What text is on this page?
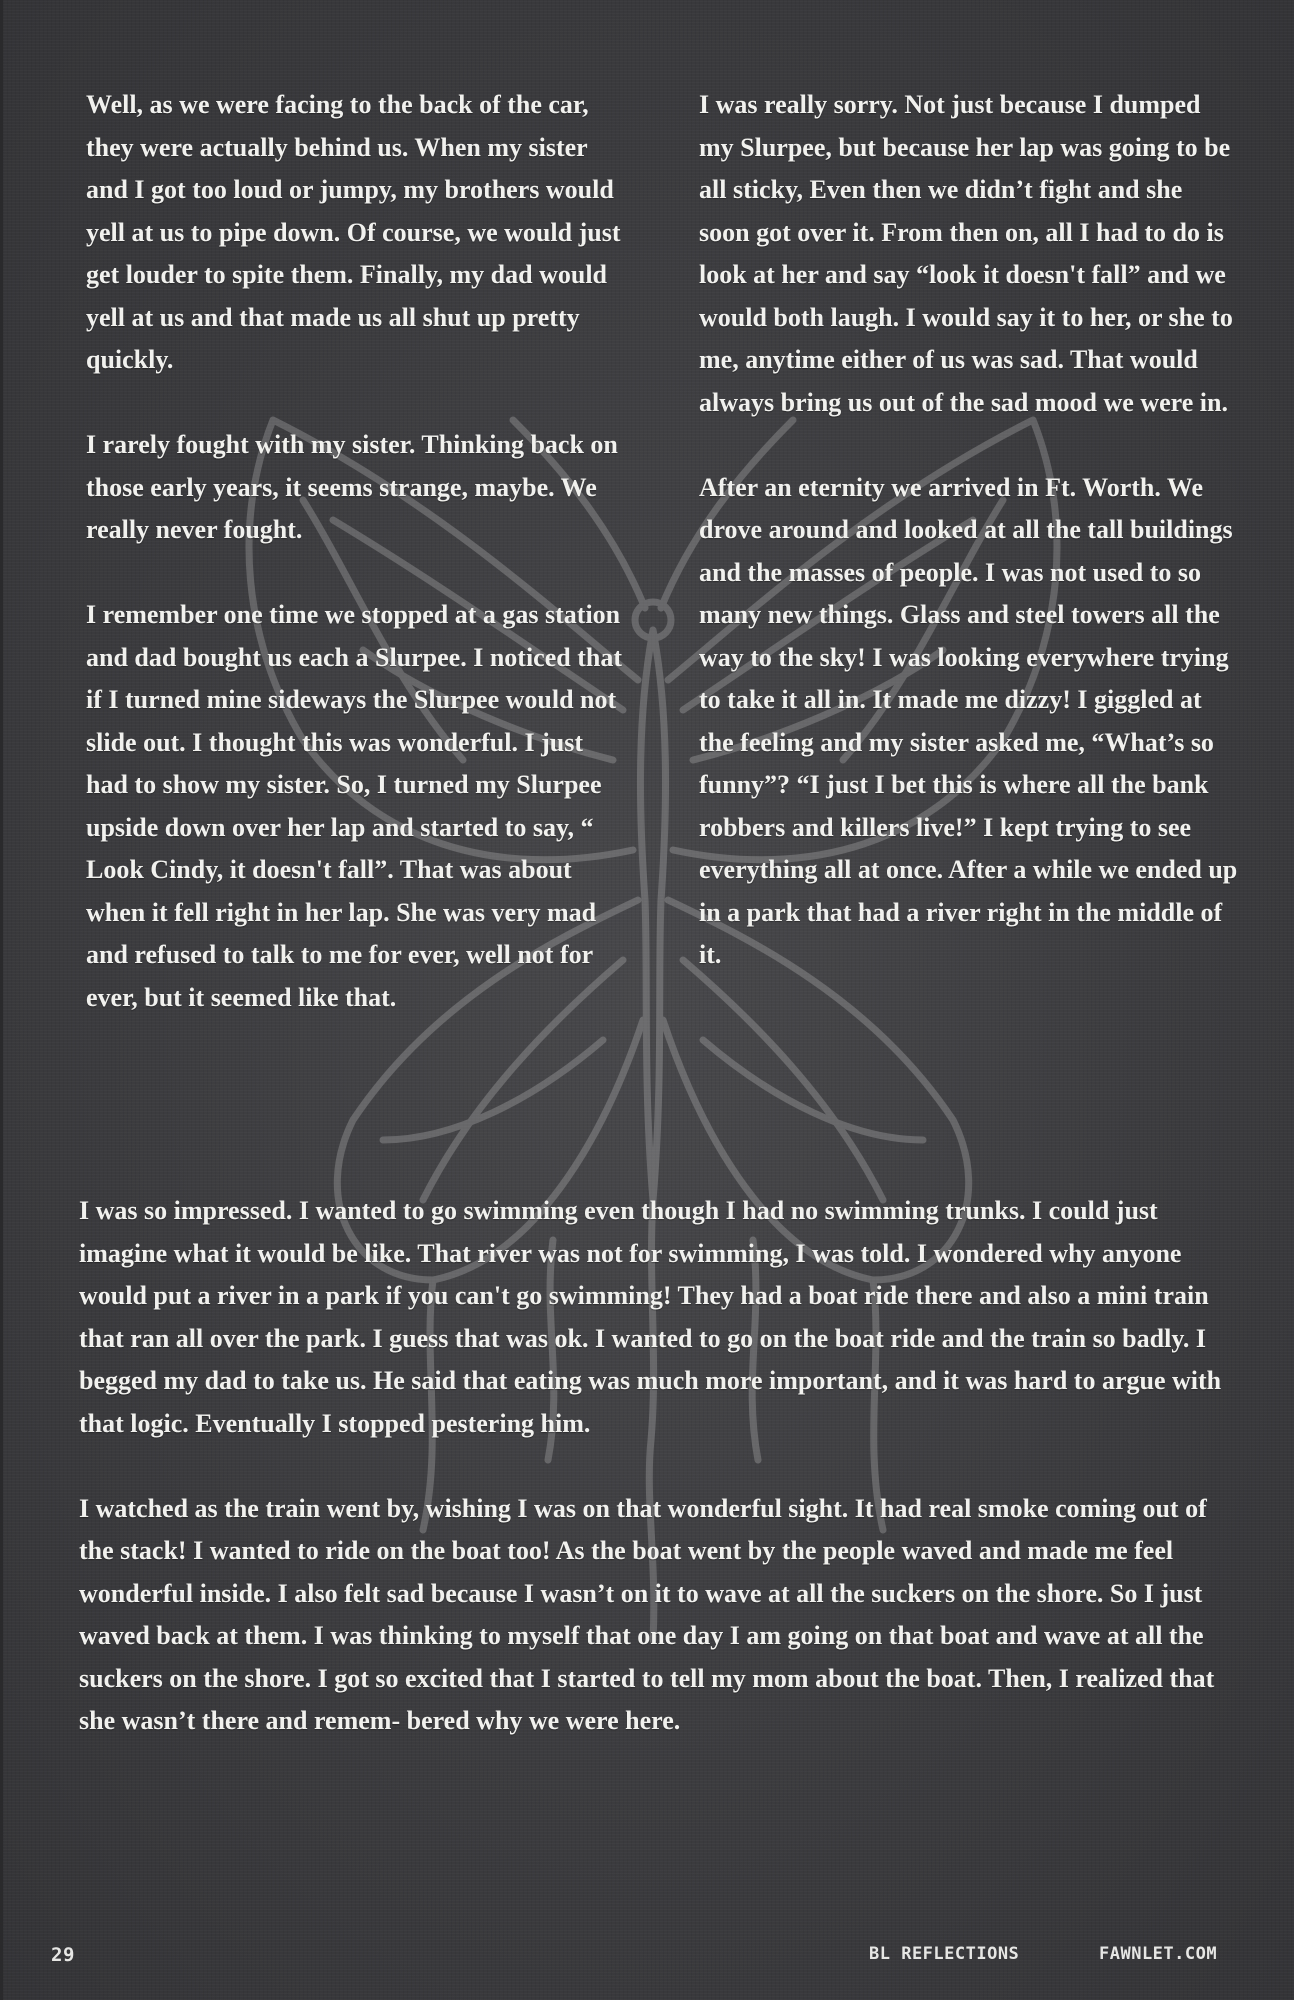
Well, as we were facing to the back of the car, they were actually behind us. When my sister and I got too loud or jumpy, my brothers would yell at us to pipe down. Of course, we would just get louder to spite them. Finally, my dad would yell at us and that made us all shut up pretty quickly.

I rarely fought with my sister. Thinking back on those early years, it seems strange, maybe. We really never fought.

I remember one time we stopped at a gas station and dad bought us each a Slurpee. I noticed that if I turned mine sideways the Slurpee would not slide out. I thought this was wonderful. I just had to show my sister. So, I turned my Slurpee upside down over her lap and started to say, “ Look Cindy, it doesn't fall”. That was about when it fell right in her lap. She was very mad and refused to talk to me for ever, well not for ever, but it seemed like that.

I was really sorry. Not just because I dumped my Slurpee, but because her lap was going to be all sticky, Even then we didn’t fight and she soon got over it. From then on, all I had to do is look at her and say “look it doesn't fall” and we would both laugh. I would say it to her, or she to me, anytime either of us was sad. That would always bring us out of the sad mood we were in.

After an eternity we arrived in Ft. Worth. We drove around and looked at all the tall buildings and the masses of people. I was not used to so many new things. Glass and steel towers all the way to the sky! I was looking everywhere trying to take it all in. It made me dizzy! I giggled at the feeling and my sister asked me, “What’s so funny”? “I just I bet this is where all the bank robbers and killers live!” I kept trying to see everything all at once. After a while we ended up in a park that had a river right in the middle of it.

I was so impressed. I wanted to go swimming even though I had no swimming trunks. I could just imagine what it would be like. That river was not for swimming, I was told. I wondered why anyone would put a river in a park if you can't go swimming! They had a boat ride there and also a mini train that ran all over the park. I guess that was ok. I wanted to go on the boat ride and the train so badly. I begged my dad to take us. He said that eating was much more important, and it was hard to argue with that logic. Eventually I stopped pestering him.

I watched as the train went by, wishing I was on that wonderful sight. It had real smoke coming out of the stack! I wanted to ride on the boat too! As the boat went by the people waved and made me feel wonderful inside. I also felt sad because I wasn’t on it to wave at all the suckers on the shore. So I just waved back at them. I was thinking to myself that one day I am going on that boat and wave at all the suckers on the shore. I got so excited that I started to tell my mom about the boat. Then, I realized that she wasn’t there and remem- bered why we were here.

29	BL REFLECTIONS	FAWNLET.COM
